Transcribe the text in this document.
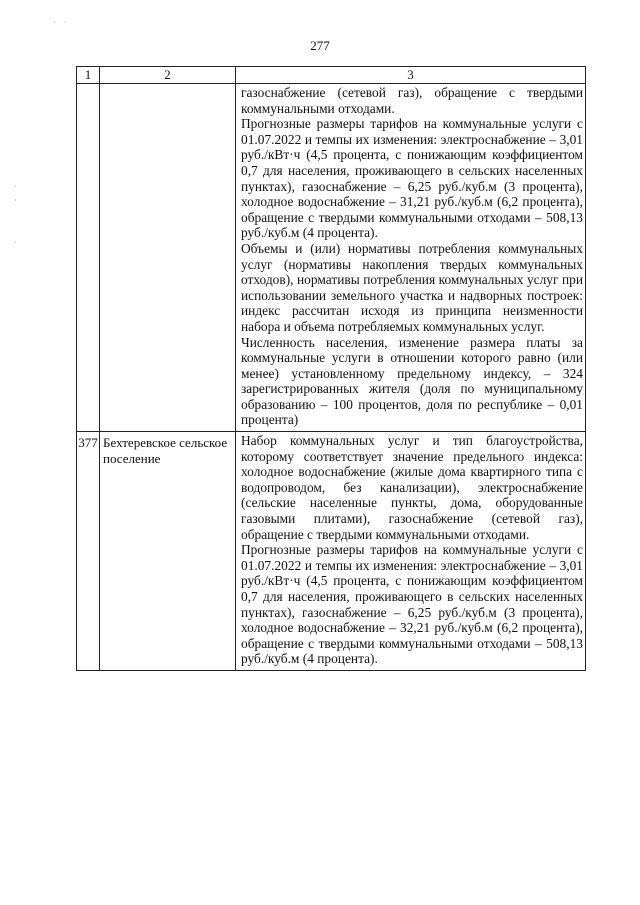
· ·
·
·
·
277
1	2	3

		газоснабжение (сетевой газ), обращение с твердыми коммунальными отходами.

Прогнозные размеры тарифов на коммунальные услуги с 01.07.2022 и темпы их изменения: электроснабжение – 3,01 руб./кВт·ч (4,5 процента, с понижающим коэффициентом 0,7 для населения, проживающего в сельских населенных пунктах), газоснабжение – 6,25 руб./куб.м (3 процента), холодное водоснабжение – 31,21 руб./куб.м (6,2 процента), обращение с твердыми коммунальными отходами – 508,13 руб./куб.м (4 процента).

Объемы и (или) нормативы потребления коммунальных услуг (нормативы накопления твердых коммунальных отходов), нормативы потребления коммунальных услуг при использовании земельного участка и надворных построек: индекс рассчитан исходя из принципа неизменности набора и объема потребляемых коммунальных услуг.

Численность населения, изменение размера платы за коммунальные услуги в отношении которого равно (или менее) установленному предельному индексу, – 324 зарегистрированных жителя (доля по муниципальному образованию – 100 процентов, доля по республике – 0,01 процента)

377	Бехтеревское сельское поселение	Набор коммунальных услуг и тип благоустройства, которому соответствует значение предельного индекса: холодное водоснабжение (жилые дома квартирного типа с водопроводом, без канализации), электроснабжение (сельские населенные пункты, дома, оборудованные газовыми плитами), газоснабжение (сетевой газ), обращение с твердыми коммунальными отходами.

Прогнозные размеры тарифов на коммунальные услуги с 01.07.2022 и темпы их изменения: электроснабжение – 3,01 руб./кВт·ч (4,5 процента, с понижающим коэффициентом 0,7 для населения, проживающего в сельских населенных пунктах), газоснабжение – 6,25 руб./куб.м (3 процента), холодное водоснабжение – 32,21 руб./куб.м (6,2 процента), обращение с твердыми коммунальными отходами – 508,13 руб./куб.м (4 процента).
